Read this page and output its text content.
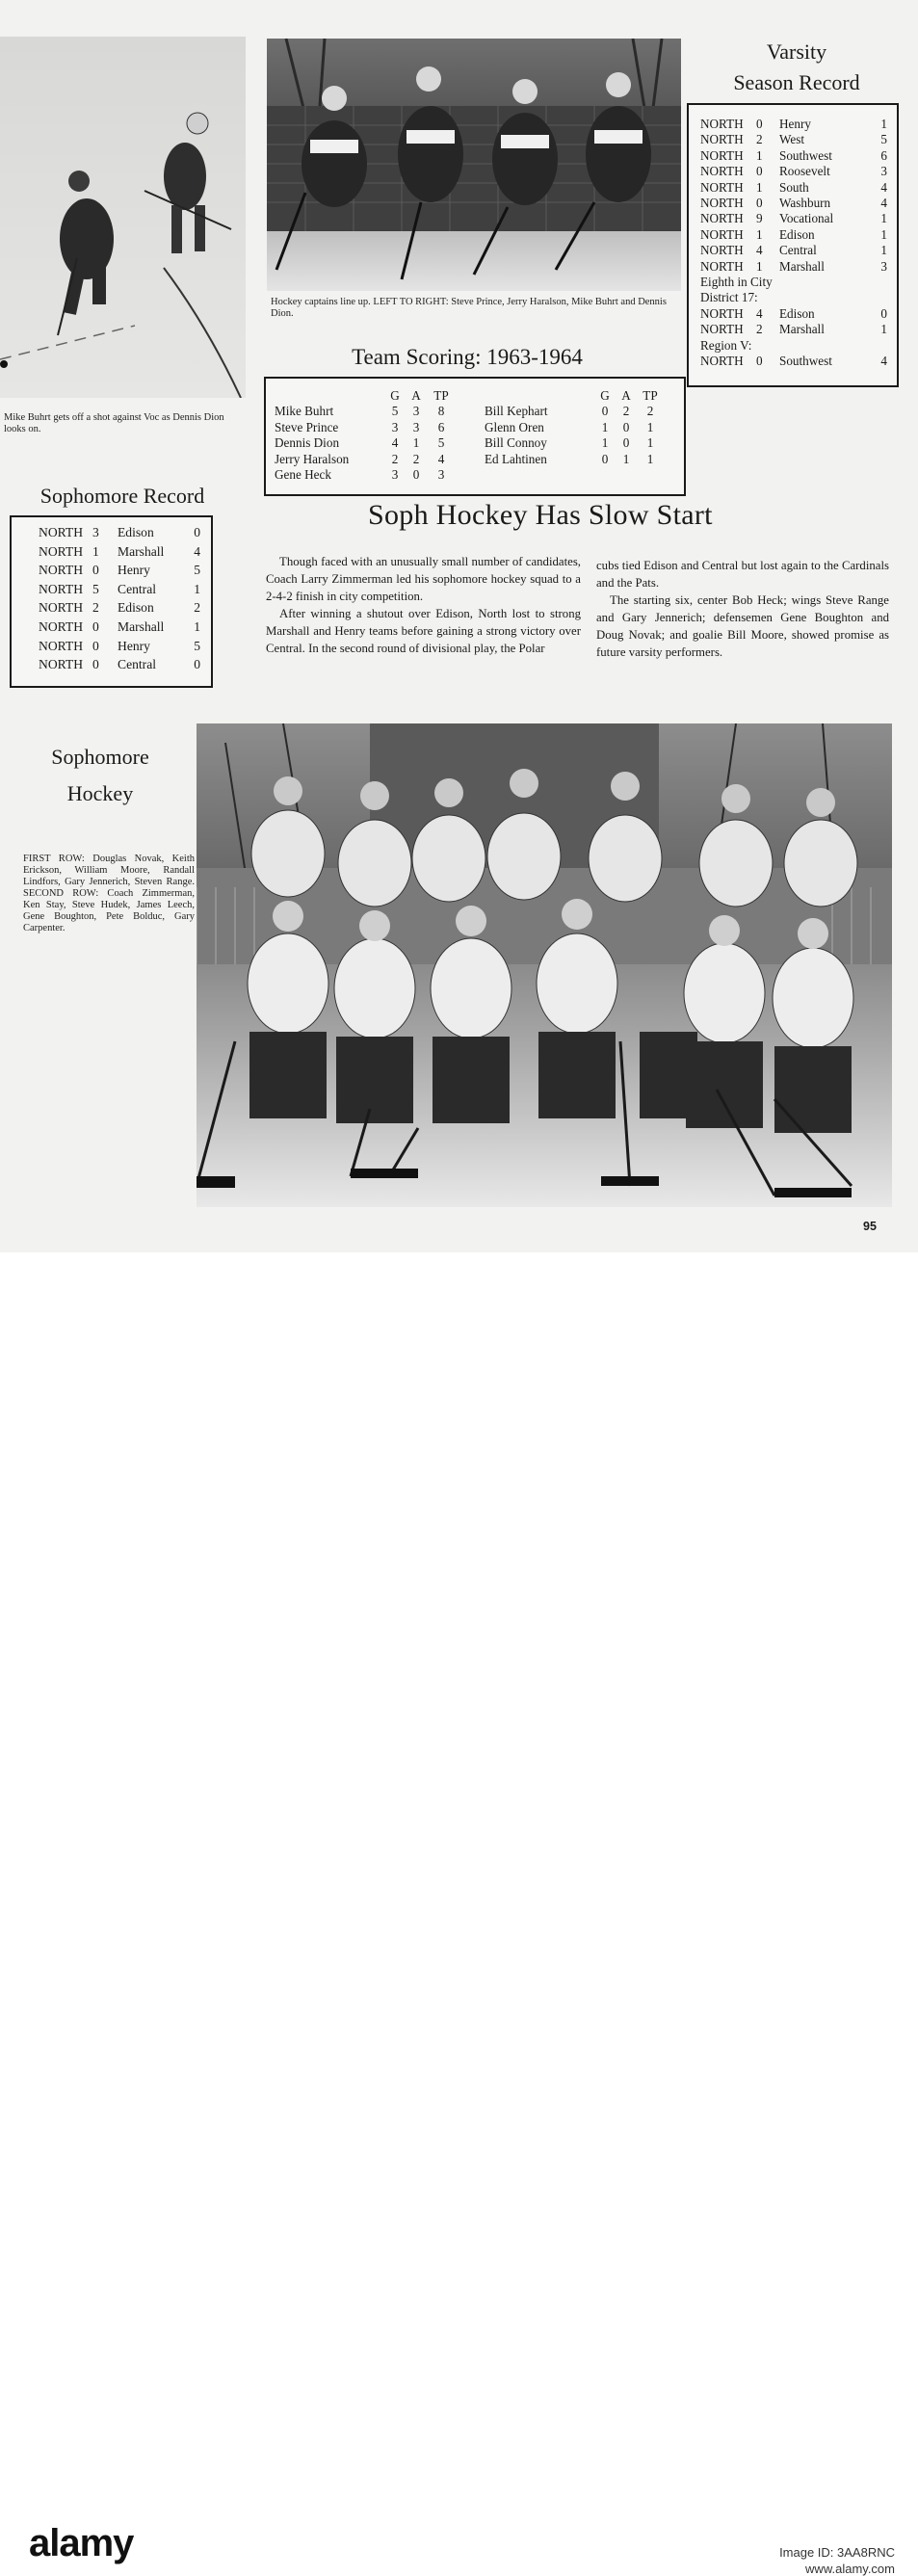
Mike Buhrt gets off a shot against Voc as Dennis Dion looks on.
Hockey captains line up. LEFT TO RIGHT: Steve Prince, Jerry Haralson, Mike Buhrt and Dennis Dion.
Varsity
Season Record
NORTH	0	Henry	1
NORTH	2	West	5
NORTH	1	Southwest	6
NORTH	0	Roosevelt	3
NORTH	1	South	4
NORTH	0	Washburn	4
NORTH	9	Vocational	1
NORTH	1	Edison	1
NORTH	4	Central	1
NORTH	1	Marshall	3
Eighth in City			
District 17:			
NORTH	4	Edison	0
NORTH	2	Marshall	1
Region V:			
NORTH	0	Southwest	4
Team Scoring: 1963-1964
	G	A	TP
Mike Buhrt	5	3	8
Steve Prince	3	3	6
Dennis Dion	4	1	5
Jerry Haralson	2	2	4
Gene Heck	3	0	3
	G	A	TP
Bill Kephart	0	2	2
Glenn Oren	1	0	1
Bill Connoy	1	0	1
Ed Lahtinen	0	1	1
Sophomore Record
NORTH	3	Edison	0
NORTH	1	Marshall	4
NORTH	0	Henry	5
NORTH	5	Central	1
NORTH	2	Edison	2
NORTH	0	Marshall	1
NORTH	0	Henry	5
NORTH	0	Central	0
Soph Hockey Has Slow Start

Though faced with an unusually small number of candidates, Coach Larry Zimmerman led his sophomore hockey squad to a 2-4-2 finish in city competition.

After winning a shutout over Edison, North lost to strong Marshall and Henry teams before gaining a strong victory over Central. In the second round of divisional play, the Polar

cubs tied Edison and Central but lost again to the Cardinals and the Pats.

The starting six, center Bob Heck; wings Steve Range and Gary Jennerich; defensemen Gene Boughton and Doug Novak; and goalie Bill Moore, showed promise as future varsity performers.

Sophomore
Hockey
FIRST ROW: Douglas Novak, Keith Erickson, William Moore, Randall Lindfors, Gary Jennerich, Steven Range. SECOND ROW: Coach Zimmerman, Ken Stay, Steve Hudek, James Leech, Gene Boughton, Pete Bolduc, Gary Carpenter.
95
alamy	Image ID: 3AA8RNC
www.alamy.com
